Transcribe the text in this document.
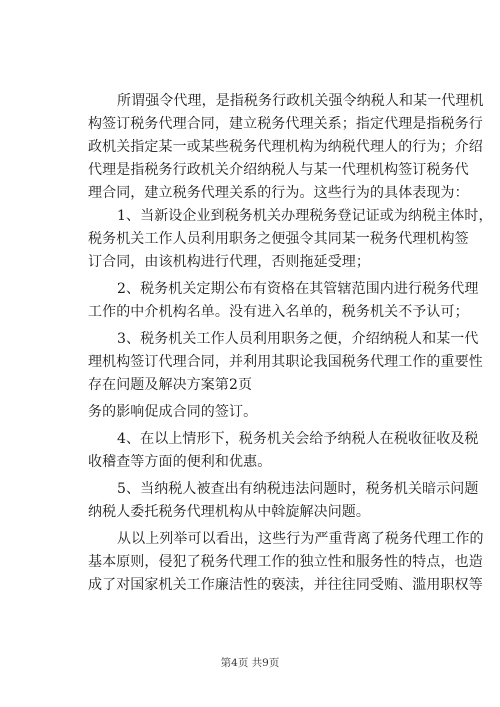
所谓强令代理，是指税务行政机关强令纳税人和某一代理机
构签订税务代理合同，建立税务代理关系；指定代理是指税务行
政机关指定某一或某些税务代理机构为纳税代理人的行为；介绍
代理是指税务行政机关介绍纳税人与某一代理机构签订税务代
理合同，建立税务代理关系的行为。这些行为的具体表现为：
1、当新设企业到税务机关办理税务登记证或为纳税主体时，
税务机关工作人员利用职务之便强令其同某一税务代理机构签
订合同，由该机构进行代理，否则拖延受理；
2、税务机关定期公布有资格在其管辖范围内进行税务代理
工作的中介机构名单。没有进入名单的，税务机关不予认可；
3、税务机关工作人员利用职务之便，介绍纳税人和某一代
理机构签订代理合同，并利用其职论我国税务代理工作的重要性
存在问题及解决方案第2页
务的影响促成合同的签订。
4、在以上情形下，税务机关会给予纳税人在税收征收及税
收稽查等方面的便利和优惠。
5、当纳税人被查出有纳税违法问题时，税务机关暗示问题
纳税人委托税务代理机构从中斡旋解决问题。
从以上列举可以看出，这些行为严重背离了税务代理工作的
基本原则，侵犯了税务代理工作的独立性和服务性的特点，也造
成了对国家机关工作廉洁性的亵渎，并往往同受贿、滥用职权等
第4页 共9页
